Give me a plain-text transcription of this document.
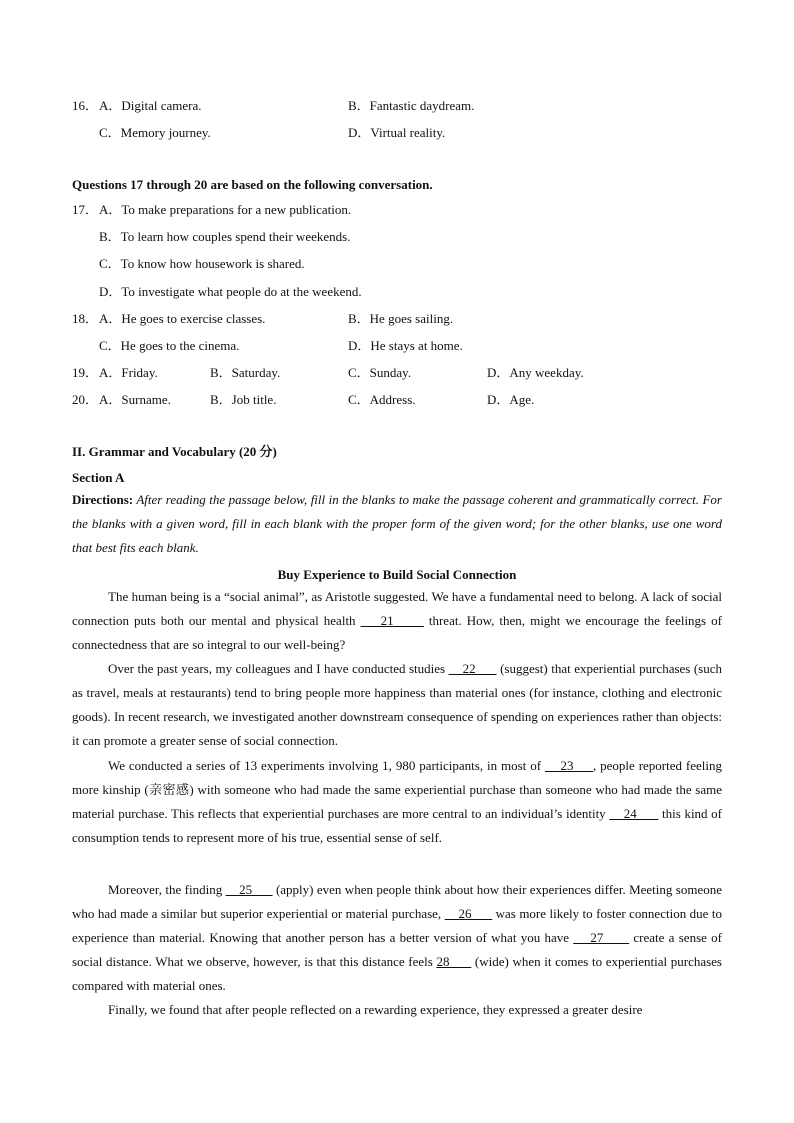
16． A．Digital camera.	B．Fantastic daydream.
C．Memory journey.	D．Virtual reality.
Questions 17 through 20 are based on the following conversation.
17． A．To make preparations for a new publication.
B．To learn how couples spend their weekends.
C．To know how housework is shared.
D．To investigate what people do at the weekend.
18． A．He goes to exercise classes.	B．He goes sailing.
C．He goes to the cinema.	D．He stays at home.
19． A．Friday.	B．Saturday.	C．Sunday.	D．Any weekday.
20． A．Surname.	B．Job title.	C．Address.	D．Age.
II. Grammar and Vocabulary (20 分)
Section A
Directions: After reading the passage below, fill in the blanks to make the passage coherent and grammatically correct. For the blanks with a given word, fill in each blank with the proper form of the given word; for the other blanks, use one word that best fits each blank.
Buy Experience to Build Social Connection
The human being is a “social animal”, as Aristotle suggested. We have a fundamental need to belong. A lack of social connection puts both our mental and physical health     21       threat. How, then, might we encourage the feelings of connectedness that are so integral to our well-being?
Over the past years, my colleagues and I have conducted studies     22       (suggest) that experiential purchases (such as travel, meals at restaurants) tend to bring people more happiness than material ones (for instance, clothing and electronic goods). In recent research, we investigated another downstream consequence of spending on experiences rather than objects: it can promote a greater sense of social connection.
We conducted a series of 13 experiments involving 1, 980 participants, in most of     23     , people reported feeling more kinship (亲密感) with someone who had made the same experiential purchase than someone who had made the same material purchase. This reflects that experiential purchases are more central to an individual’s identity     24       this kind of consumption tends to represent more of his true, essential sense of self.
Moreover, the finding     25       (apply) even when people think about how their experiences differ. Meeting someone who had made a similar but superior experiential or material purchase,     26       was more likely to foster connection due to experience than material. Knowing that another person has a better version of what you have     27       create a sense of social distance. What we observe, however, is that this distance feels 28       (wide) when it comes to experiential purchases compared with material ones.
Finally, we found that after people reflected on a rewarding experience, they expressed a greater desire
